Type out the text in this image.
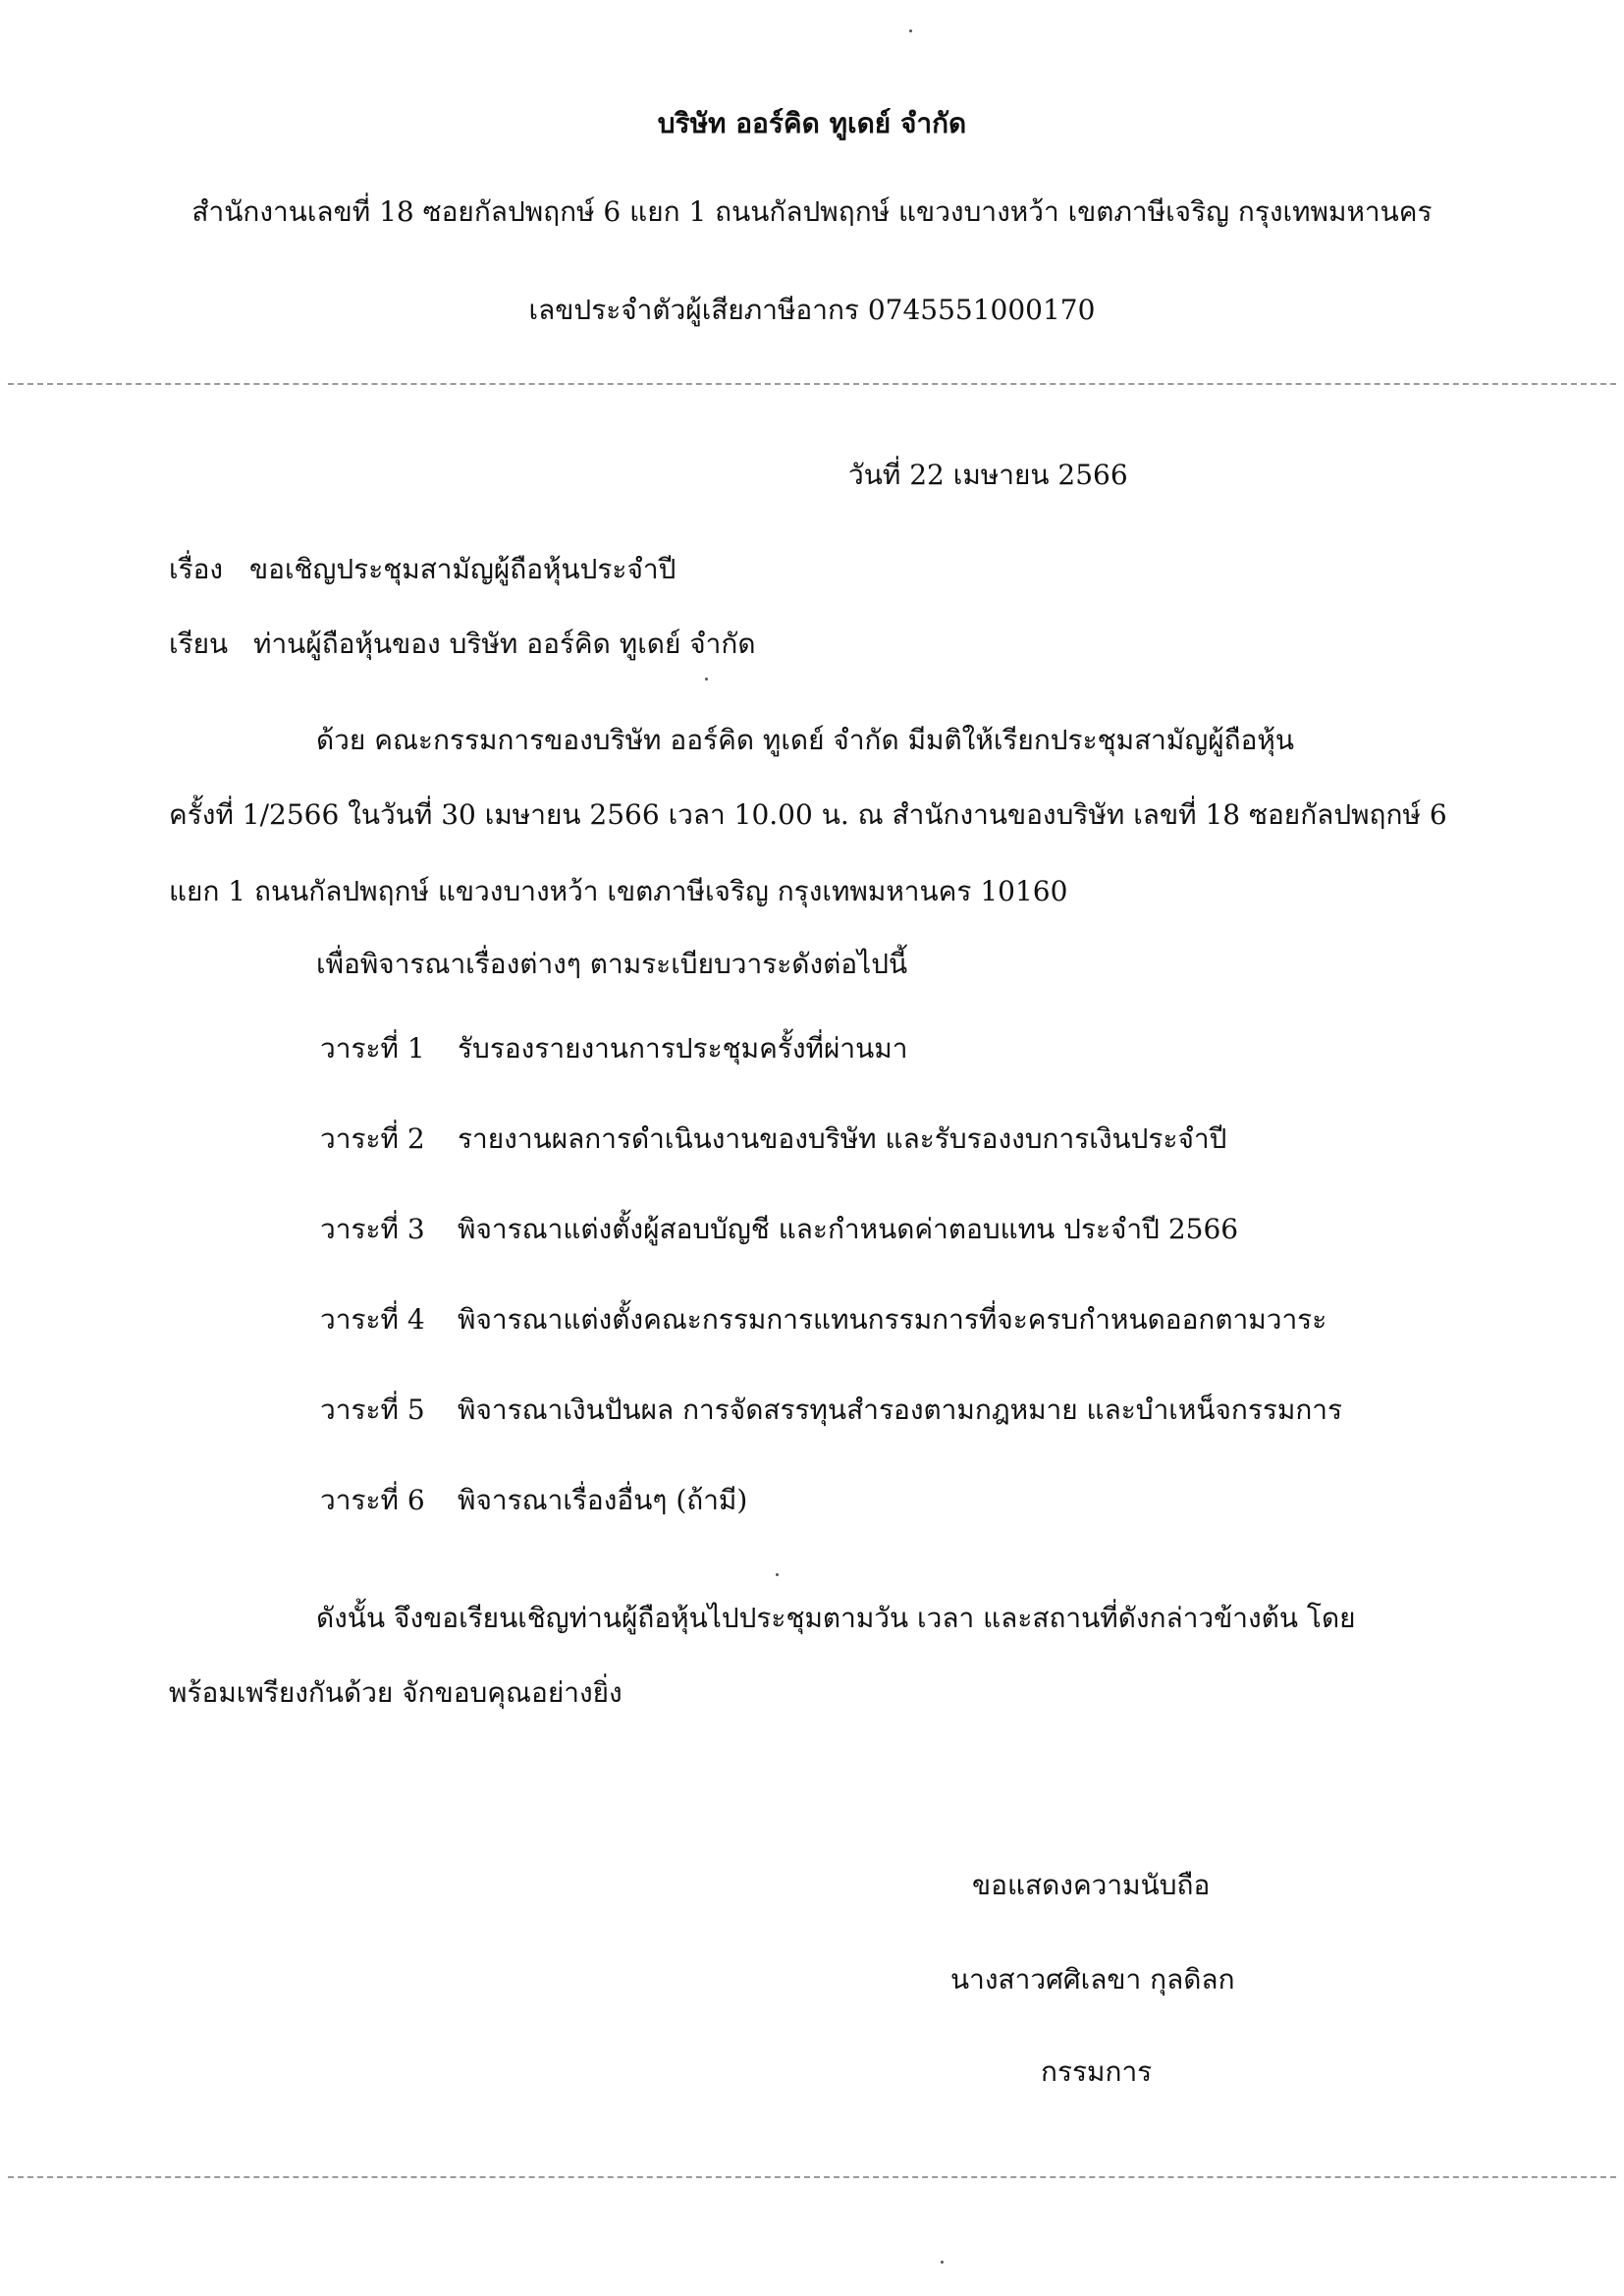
บริษัท ออร์คิด ทูเดย์ จำกัด
สำนักงานเลขที่ 18 ซอยกัลปพฤกษ์ 6 แยก 1 ถนนกัลปพฤกษ์ แขวงบางหว้า เขตภาษีเจริญ กรุงเทพมหานคร
เลขประจำตัวผู้เสียภาษีอากร 0745551000170
วันที่ 22 เมษายน 2566
เรื่อง ขอเชิญประชุมสามัญผู้ถือหุ้นประจำปี
เรียน ท่านผู้ถือหุ้นของ บริษัท ออร์คิด ทูเดย์ จำกัด
ด้วย คณะกรรมการของบริษัท ออร์คิด ทูเดย์ จำกัด มีมติให้เรียกประชุมสามัญผู้ถือหุ้น
ครั้งที่ 1/2566 ในวันที่ 30 เมษายน 2566 เวลา 10.00 น. ณ สำนักงานของบริษัท เลขที่ 18 ซอยกัลปพฤกษ์ 6
แยก 1 ถนนกัลปพฤกษ์ แขวงบางหว้า เขตภาษีเจริญ กรุงเทพมหานคร 10160
เพื่อพิจารณาเรื่องต่างๆ ตามระเบียบวาระดังต่อไปนี้
วาระที่ 1 รับรองรายงานการประชุมครั้งที่ผ่านมา
วาระที่ 2 รายงานผลการดำเนินงานของบริษัท และรับรองงบการเงินประจำปี
วาระที่ 3 พิจารณาแต่งตั้งผู้สอบบัญชี และกำหนดค่าตอบแทน ประจำปี 2566
วาระที่ 4 พิจารณาแต่งตั้งคณะกรรมการแทนกรรมการที่จะครบกำหนดออกตามวาระ
วาระที่ 5 พิจารณาเงินปันผล การจัดสรรทุนสำรองตามกฎหมาย และบำเหน็จกรรมการ
วาระที่ 6 พิจารณาเรื่องอื่นๆ (ถ้ามี)
ดังนั้น จึงขอเรียนเชิญท่านผู้ถือหุ้นไปประชุมตามวัน เวลา และสถานที่ดังกล่าวข้างต้น โดย
พร้อมเพรียงกันด้วย จักขอบคุณอย่างยิ่ง
ขอแสดงความนับถือ
นางสาวศศิเลขา กุลดิลก
กรรมการ
